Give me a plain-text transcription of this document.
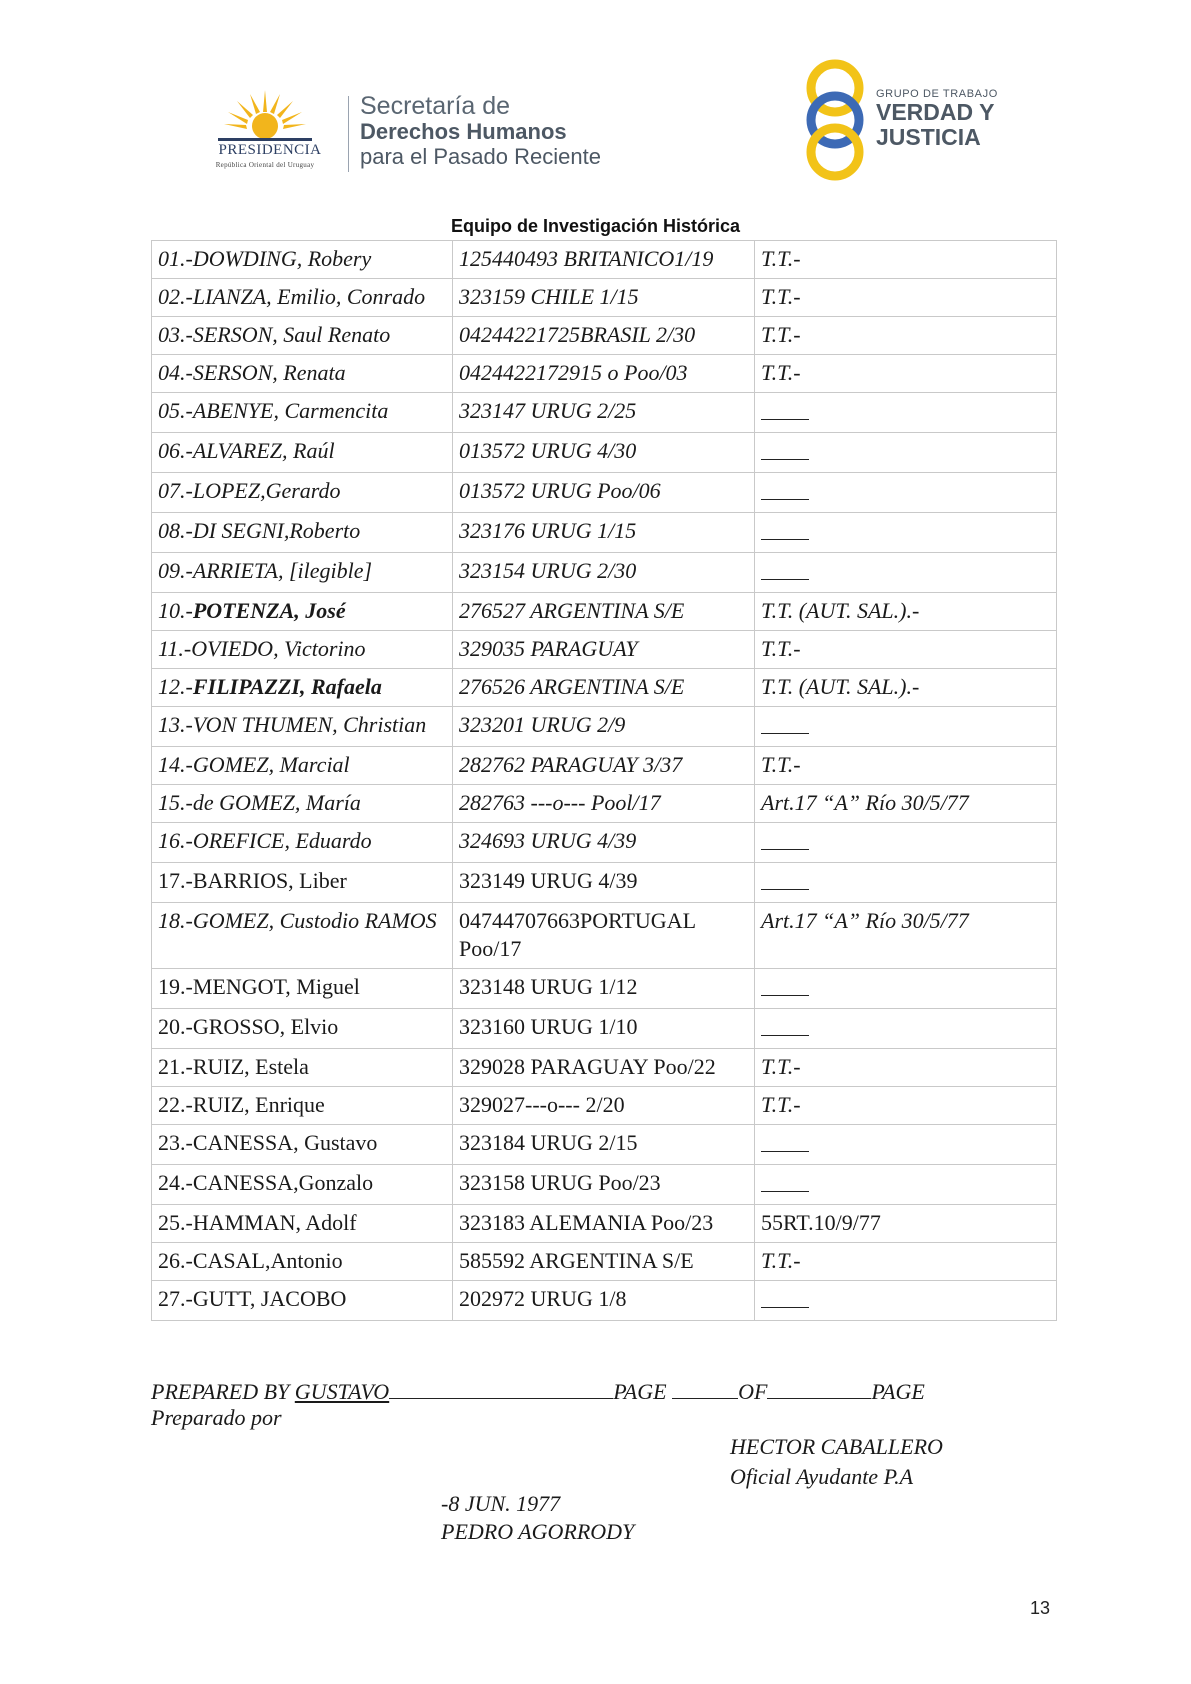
PRESIDENCIA
República Oriental del Uruguay
Secretaría de
Derechos Humanos
para el Pasado Reciente
GRUPO DE TRABAJO
VERDAD Y
JUSTICIA
Equipo de Investigación Histórica
01.-DOWDING, Robery	125440493 BRITANICO1/19	T.T.-
02.-LIANZA, Emilio, Conrado	323159 CHILE 1/15	T.T.-
03.-SERSON, Saul Renato	04244221725BRASIL 2/30	T.T.-
04.-SERSON, Renata	0424422172915 o Poo/03	T.T.-
05.-ABENYE, Carmencita	323147 URUG 2/25	
06.-ALVAREZ, Raúl	013572 URUG 4/30	
07.-LOPEZ,Gerardo	013572 URUG Poo/06	
08.-DI SEGNI,Roberto	323176 URUG 1/15	
09.-ARRIETA, [ilegible]	323154 URUG 2/30	
10.-POTENZA, José	276527 ARGENTINA S/E	T.T. (AUT. SAL.).-
11.-OVIEDO, Victorino	329035 PARAGUAY	T.T.-
12.-FILIPAZZI, Rafaela	276526 ARGENTINA S/E	T.T. (AUT. SAL.).-
13.-VON THUMEN, Christian	323201 URUG 2/9	
14.-GOMEZ, Marcial	282762 PARAGUAY 3/37	T.T.-
15.-de GOMEZ, María	282763 ---o--- Pool/17	Art.17 “A” Río 30/5/77
16.-OREFICE, Eduardo	324693 URUG 4/39	
17.-BARRIOS, Liber	323149 URUG 4/39	
18.-GOMEZ, Custodio RAMOS	04744707663PORTUGAL Poo/17	Art.17 “A” Río 30/5/77
19.-MENGOT, Miguel	323148 URUG 1/12	
20.-GROSSO, Elvio	323160 URUG 1/10	
21.-RUIZ, Estela	329028 PARAGUAY Poo/22	T.T.-
22.-RUIZ, Enrique	329027---o--- 2/20	T.T.-
23.-CANESSA, Gustavo	323184 URUG 2/15	
24.-CANESSA,Gonzalo	323158 URUG Poo/23	
25.-HAMMAN, Adolf	323183 ALEMANIA Poo/23	55RT.10/9/77
26.-CASAL,Antonio	585592 ARGENTINA S/E	T.T.-
27.-GUTT, JACOBO	202972 URUG 1/8	
PREPARED BY GUSTAVO	PAGE	OF	PAGE
Preparado por
HECTOR CABALLERO
Oficial Ayudante P.A
-8 JUN. 1977
PEDRO AGORRODY
13
